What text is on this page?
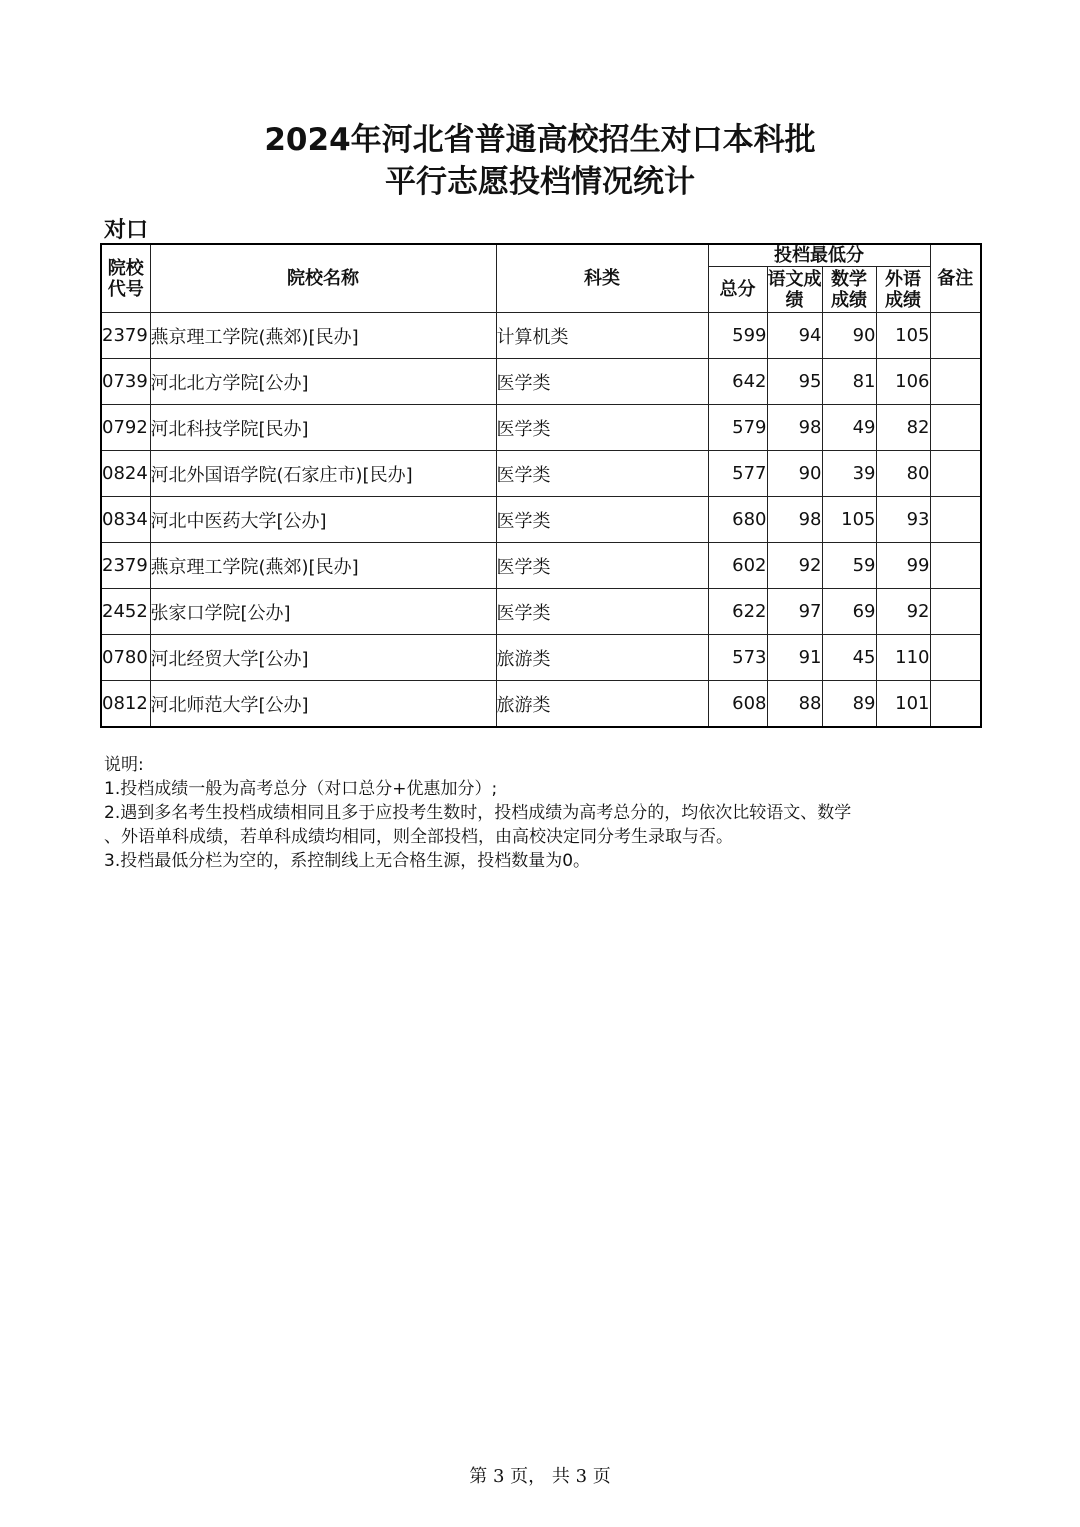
2024年河北省普通高校招生对口本科批
平行志愿投档情况统计
对口
院校代号	院校名称	科类	投档最低分				备注
			总分	语文成绩	数学成绩	外语成绩	
2379	燕京理工学院(燕郊)[民办]	计算机类	599	94	90	105	
0739	河北北方学院[公办]	医学类	642	95	81	106	
0792	河北科技学院[民办]	医学类	579	98	49	82	
0824	河北外国语学院(石家庄市)[民办]	医学类	577	90	39	80	
0834	河北中医药大学[公办]	医学类	680	98	105	93	
2379	燕京理工学院(燕郊)[民办]	医学类	602	92	59	99	
2452	张家口学院[公办]	医学类	622	97	69	92	
0780	河北经贸大学[公办]	旅游类	573	91	45	110	
0812	河北师范大学[公办]	旅游类	608	88	89	101	
说明:
1.投档成绩一般为高考总分（对口总分+优惠加分）;
2.遇到多名考生投档成绩相同且多于应投考生数时，投档成绩为高考总分的，均依次比较语文、数学
、外语单科成绩，若单科成绩均相同，则全部投档，由高校决定同分考生录取与否。
3.投档最低分栏为空的，系控制线上无合格生源，投档数量为0。
第 3 页， 共 3 页
